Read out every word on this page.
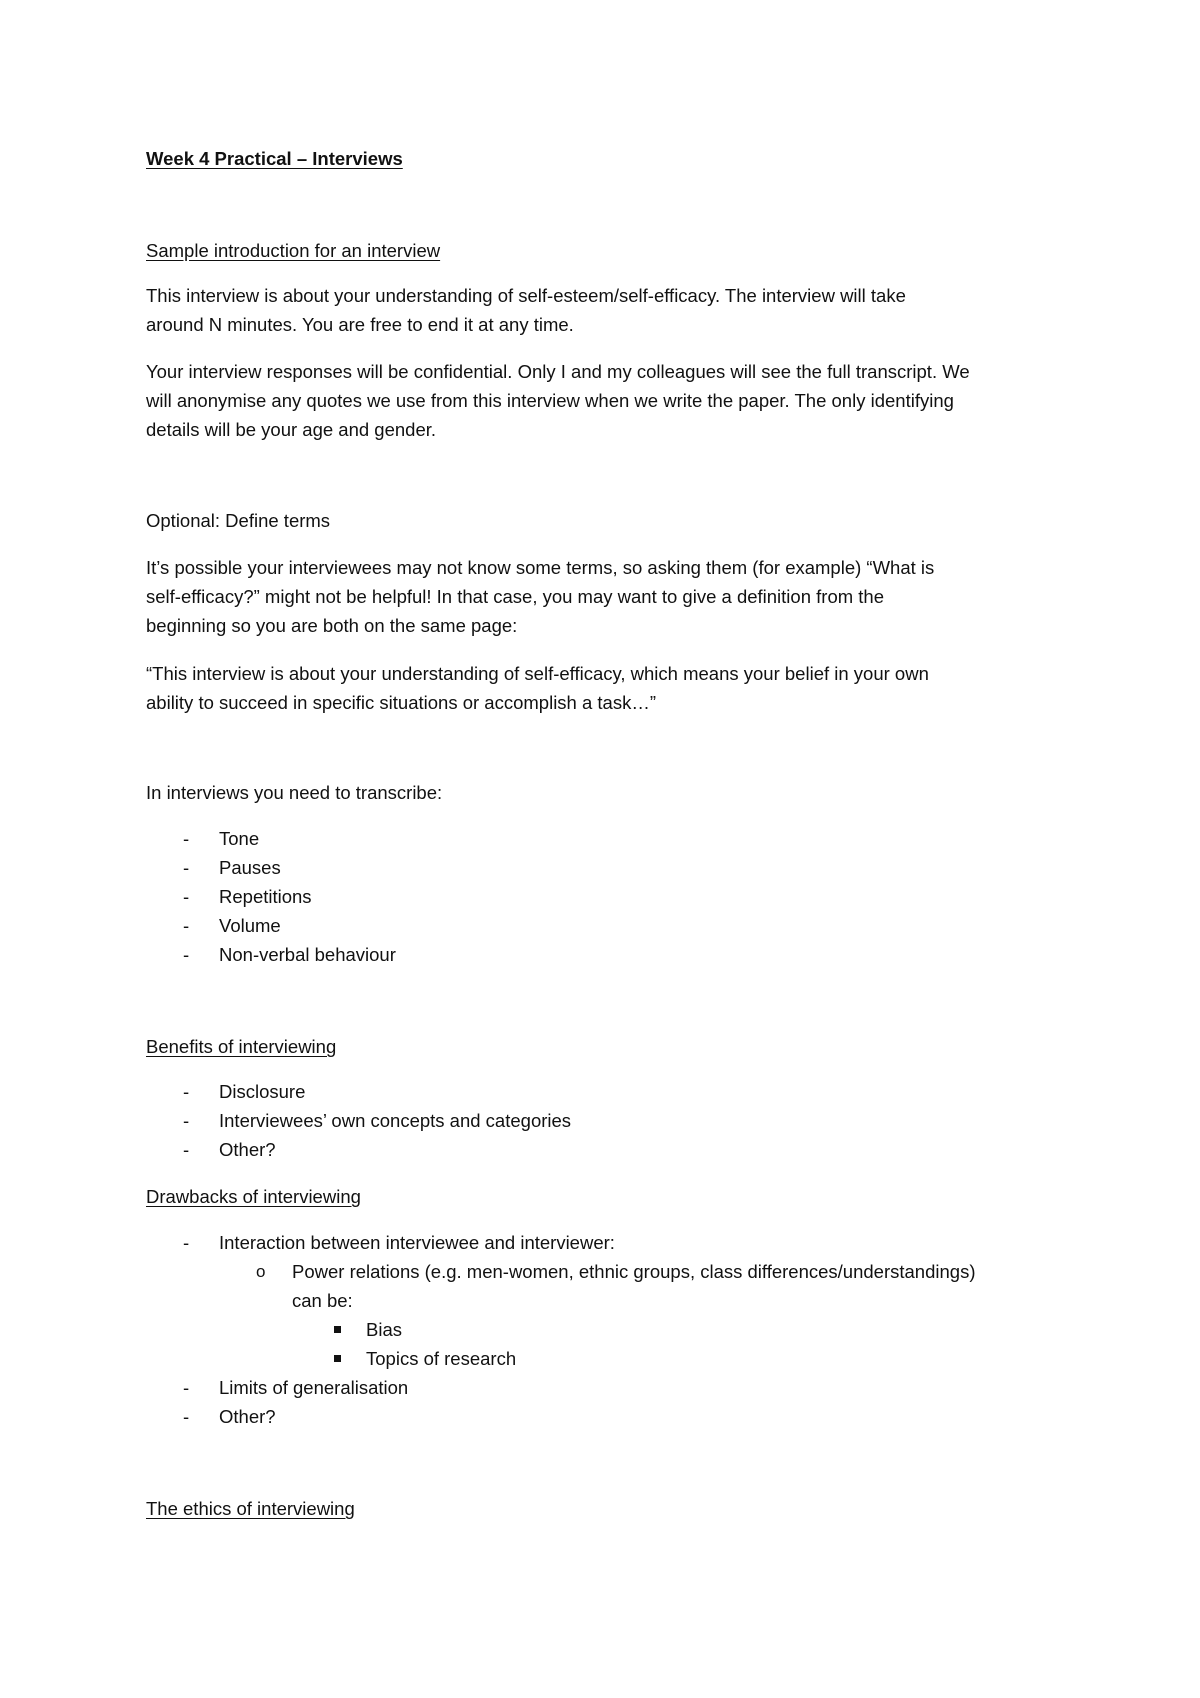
Week 4 Practical – Interviews
Sample introduction for an interview
This interview is about your understanding of self-esteem/self-efficacy. The interview will take
around N minutes. You are free to end it at any time.
Your interview responses will be confidential. Only I and my colleagues will see the full transcript. We
will anonymise any quotes we use from this interview when we write the paper. The only identifying
details will be your age and gender.
Optional: Define terms
It’s possible your interviewees may not know some terms, so asking them (for example) “What is
self-efficacy?” might not be helpful! In that case, you may want to give a definition from the
beginning so you are both on the same page:
“This interview is about your understanding of self-efficacy, which means your belief in your own
ability to succeed in specific situations or accomplish a task…”
In interviews you need to transcribe:
- Tone
- Pauses
- Repetitions
- Volume
- Non-verbal behaviour
Benefits of interviewing
- Disclosure
- Interviewees’ own concepts and categories
- Other?
Drawbacks of interviewing
- Interaction between interviewee and interviewer:
o Power relations (e.g. men-women, ethnic groups, class differences/understandings)
can be:
Bias
Topics of research
- Limits of generalisation
- Other?
The ethics of interviewing
